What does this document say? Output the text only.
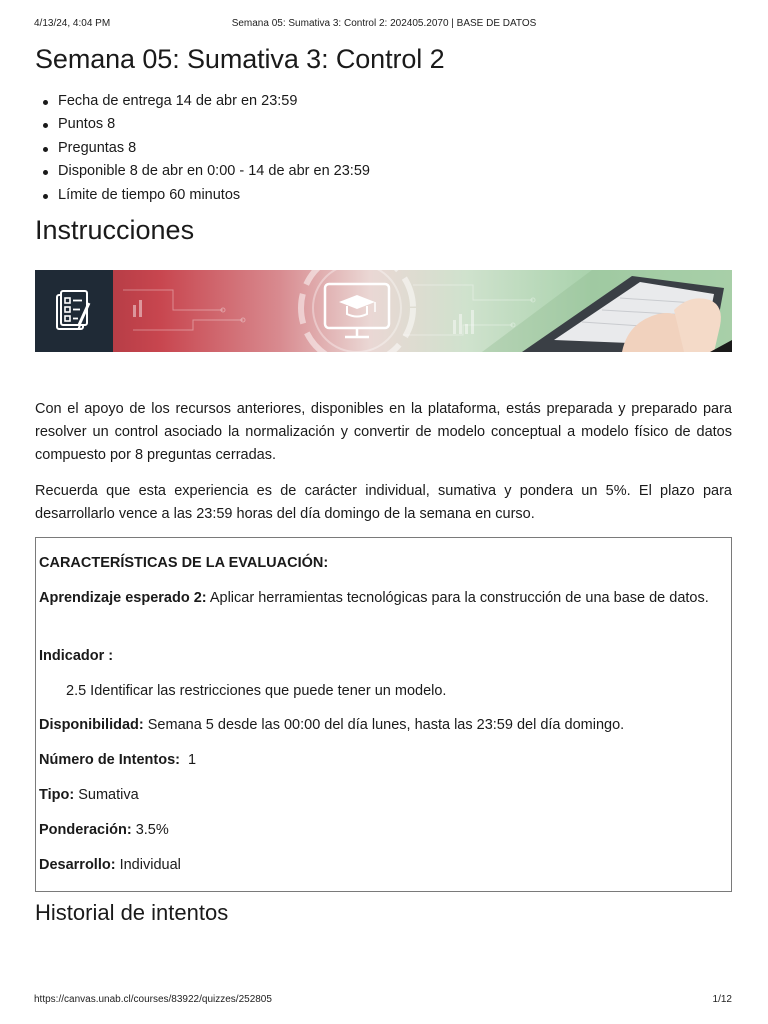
4/13/24, 4:04 PM	Semana 05: Sumativa 3: Control 2: 202405.2070 | BASE DE DATOS
Semana 05: Sumativa 3: Control 2
Fecha de entrega 14 de abr en 23:59
Puntos 8
Preguntas 8
Disponible 8 de abr en 0:00 - 14 de abr en 23:59
Límite de tiempo 60 minutos
Instrucciones

Con el apoyo de los recursos anteriores, disponibles en la plataforma, estás preparada y preparado para resolver un control asociado la normalización y convertir de modelo conceptual a modelo físico de datos compuesto por 8 preguntas cerradas.

Recuerda que esta experiencia es de carácter individual, sumativa y pondera un 5%. El plazo para desarrollarlo vence a las 23:59 horas del día domingo de la semana en curso.

CARACTERÍSTICAS DE LA EVALUACIÓN:
Aprendizaje esperado 2: Aplicar herramientas tecnológicas para la construcción de una base de datos.
Indicador :
2.5 Identificar las restricciones que puede tener un modelo.
Disponibilidad: Semana 5 desde las 00:00 del día lunes, hasta las 23:59 del día domingo.
Número de Intentos: 1
Tipo: Sumativa
Ponderación: 3.5%
Desarrollo: Individual
Historial de intentos
https://canvas.unab.cl/courses/83922/quizzes/252805	1/12
